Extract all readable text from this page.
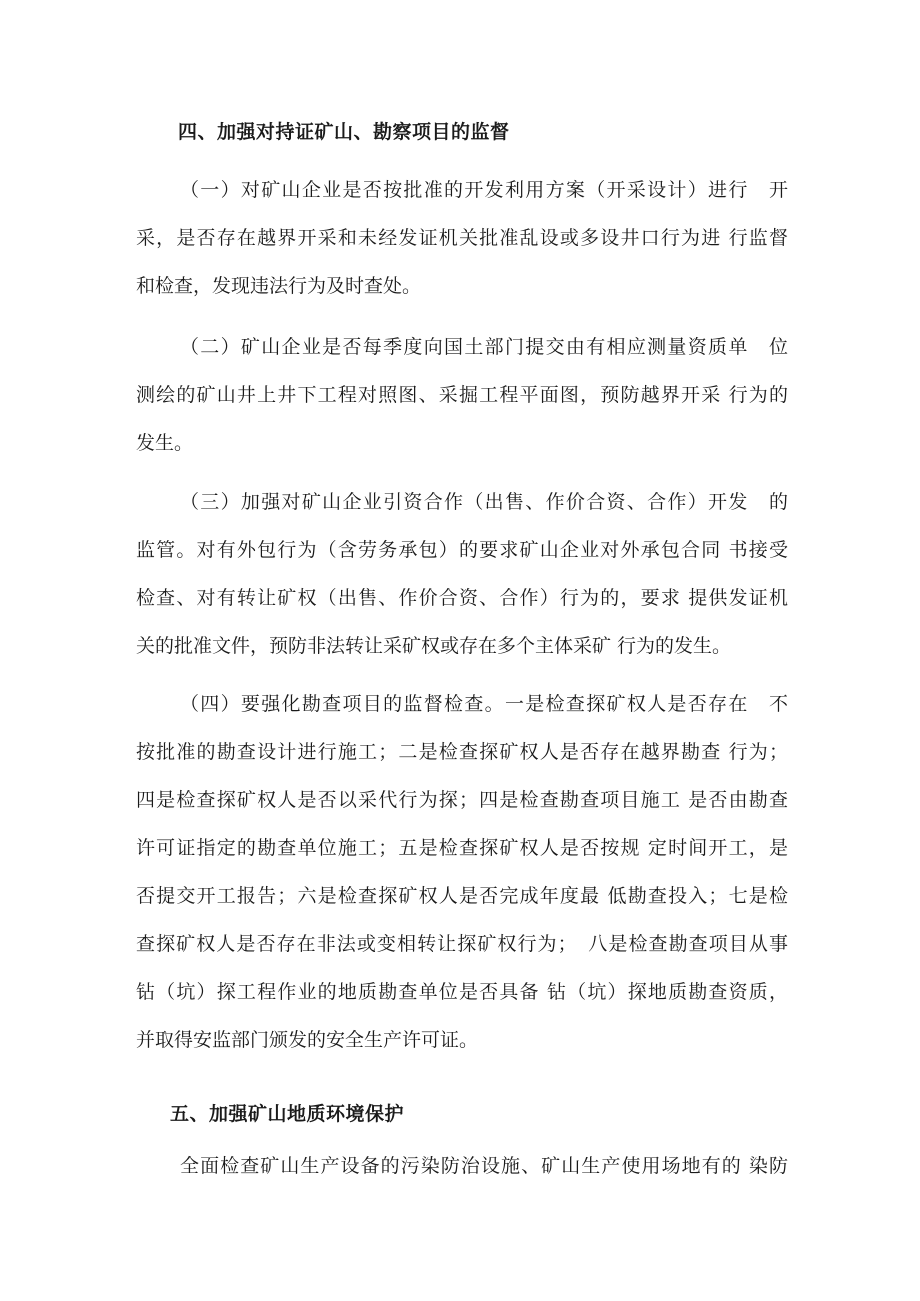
四、加强对持证矿山、勘察项目的监督

（一）对矿山企业是否按批准的开发利用方案（开采设计）进行　开
采，是否存在越界开采和未经发证机关批准乱设或多设井口行为进 行监督
和检查，发现违法行为及时查处。

（二）矿山企业是否每季度向国土部门提交由有相应测量资质单　位
测绘的矿山井上井下工程对照图、采掘工程平面图，预防越界开采 行为的
发生。

（三）加强对矿山企业引资合作（出售、作价合资、合作）开发　的
监管。对有外包行为（含劳务承包）的要求矿山企业对外承包合同 书接受
检查、对有转让矿权（出售、作价合资、合作）行为的，要求 提供发证机
关的批准文件，预防非法转让采矿权或存在多个主体采矿 行为的发生。

（四）要强化勘查项目的监督检查。一是检查探矿权人是否存在　不
按批准的勘查设计进行施工；二是检查探矿权人是否存在越界勘查 行为；
四是检查探矿权人是否以采代行为探；四是检查勘查项目施工 是否由勘查
许可证指定的勘查单位施工；五是检查探矿权人是否按规 定时间开工，是
否提交开工报告；六是检查探矿权人是否完成年度最 低勘查投入；七是检
查探矿权人是否存在非法或变相转让探矿权行为；　八是检查勘查项目从事
钻（坑）探工程作业的地质勘查单位是否具备 钻（坑）探地质勘查资质，
并取得安监部门颁发的安全生产许可证。

五、加强矿山地质环境保护

全面检查矿山生产设备的污染防治设施、矿山生产使用场地有的 染防
